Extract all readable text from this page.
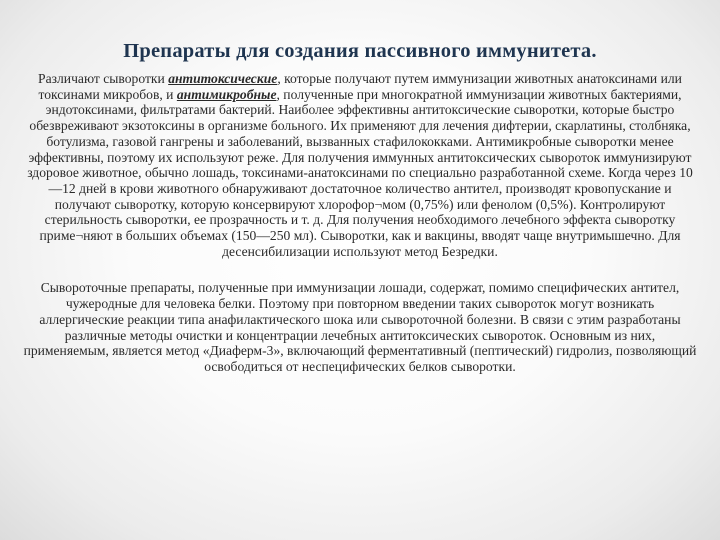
Препараты для создания пассивного иммунитета.

Различают сыворотки антитоксические, которые получают путем иммунизации животных анатоксинами или токсинами микробов, и антимикробные, полученные при многократной иммунизации животных бактериями, эндотоксинами, фильтратами бактерий. Наиболее эффективны антитоксические сыворотки, которые быстро обезвреживают экзотоксины в организме больного. Их применяют для лечения дифтерии, скарлатины, столбняка, ботулизма, газовой гангрены и заболеваний, вызванных стафилококками. Антимикробные сыворотки менее эффективны, поэтому их используют реже. Для получения иммунных антитоксических сывороток иммунизируют здоровое животное, обычно лошадь, токсинами-анатоксинами по специально разработанной схеме. Когда через 10—12 дней в крови животного обнаруживают достаточное количество антител, производят кровопускание и получают сыворотку, которую консервируют хлорофор¬мом (0,75%) или фенолом (0,5%). Контролируют стерильность сыворотки, ее прозрачность и т. д. Для получения необходимого лечебного эффекта сыворотку приме¬няют в больших объемах (150—250 мл). Сыворотки, как и вакцины, вводят чаще внутримышечно. Для десенсибилизации используют метод Безредки.

Сывороточные препараты, полученные при иммунизации лошади, содержат, помимо специфических антител, чужеродные для человека белки. Поэтому при повторном введении таких сывороток могут возникать аллергические реакции типа анафилактического шока или сывороточной болезни. В связи с этим разработаны различные методы очистки и концентрации лечебных антитоксических сывороток. Основным из них, применяемым, является метод «Диаферм-3», включающий ферментативный (пептический) гидролиз, позволяющий освободиться от неспецифических белков сыворотки.
